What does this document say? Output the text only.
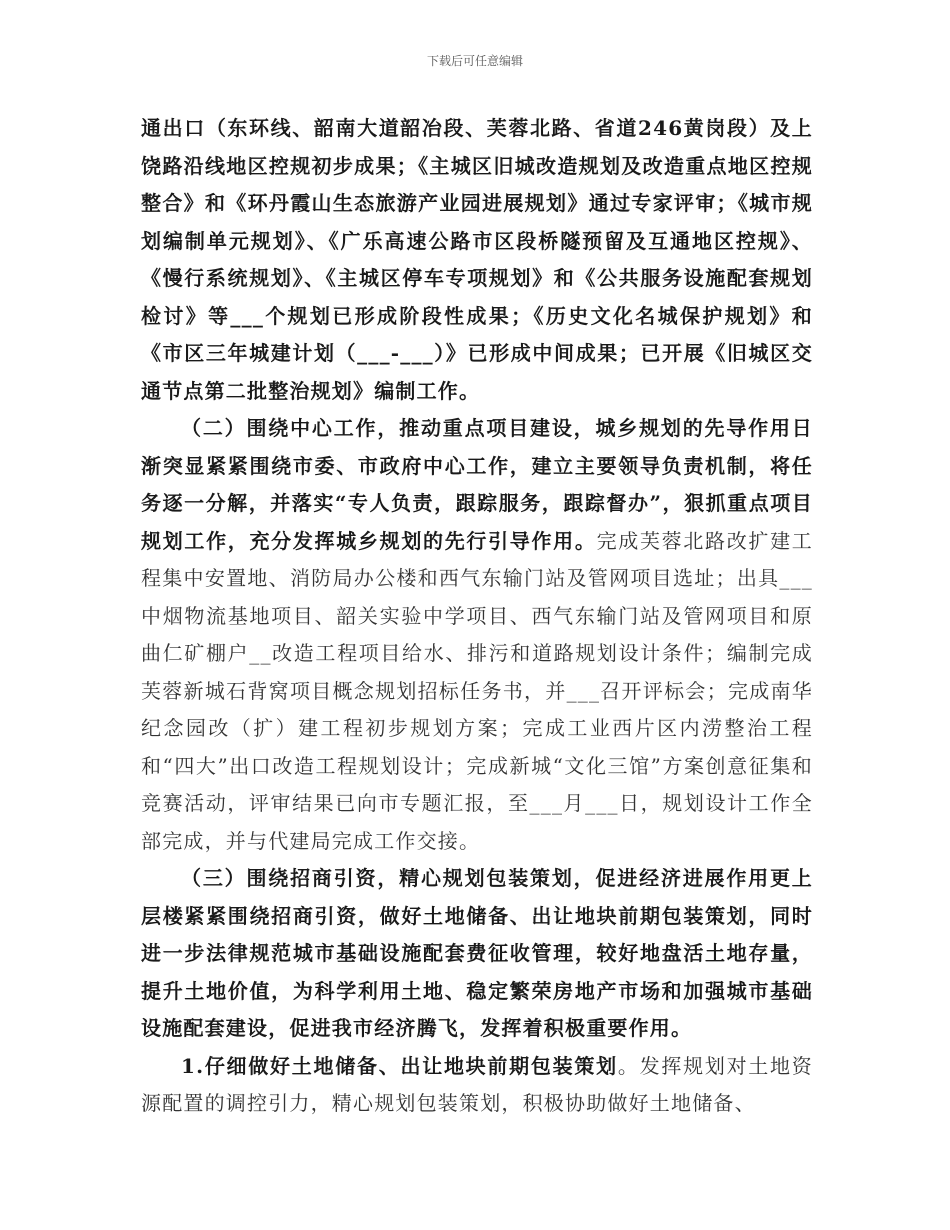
下载后可任意编辑

通出口（东环线、韶南大道韶冶段、芙蓉北路、省道246黄岗段）及上饶路沿线地区控规初步成果；《主城区旧城改造规划及改造重点地区控规整合》和《环丹霞山生态旅游产业园进展规划》通过专家评审；《城市规划编制单元规划》、《广乐高速公路市区段桥隧预留及互通地区控规》、《慢行系统规划》、《主城区停车专项规划》和《公共服务设施配套规划检讨》等___个规划已形成阶段性成果；《历史文化名城保护规划》和《市区三年城建计划（___-___）》已形成中间成果；已开展《旧城区交通节点第二批整治规划》编制工作。

（二）围绕中心工作，推动重点项目建设，城乡规划的先导作用日渐突显紧紧围绕市委、市政府中心工作，建立主要领导负责机制，将任务逐一分解，并落实“专人负责，跟踪服务，跟踪督办”，狠抓重点项目规划工作，充分发挥城乡规划的先行引导作用。完成芙蓉北路改扩建工程集中安置地、消防局办公楼和西气东输门站及管网项目选址；出具___中烟物流基地项目、韶关实验中学项目、西气东输门站及管网项目和原曲仁矿棚户__改造工程项目给水、排污和道路规划设计条件；编制完成芙蓉新城石背窝项目概念规划招标任务书，并___召开评标会；完成南华纪念园改（扩）建工程初步规划方案；完成工业西片区内涝整治工程和“四大”出口改造工程规划设计；完成新城“文化三馆”方案创意征集和竞赛活动，评审结果已向市专题汇报，至___月___日，规划设计工作全部完成，并与代建局完成工作交接。

（三）围绕招商引资，精心规划包装策划，促进经济进展作用更上层楼紧紧围绕招商引资，做好土地储备、出让地块前期包装策划，同时进一步法律规范城市基础设施配套费征收管理，较好地盘活土地存量，提升土地价值，为科学利用土地、稳定繁荣房地产市场和加强城市基础设施配套建设，促进我市经济腾飞，发挥着积极重要作用。

1.仔细做好土地储备、出让地块前期包装策划。发挥规划对土地资源配置的调控引力，精心规划包装策划，积极协助做好土地储备、
